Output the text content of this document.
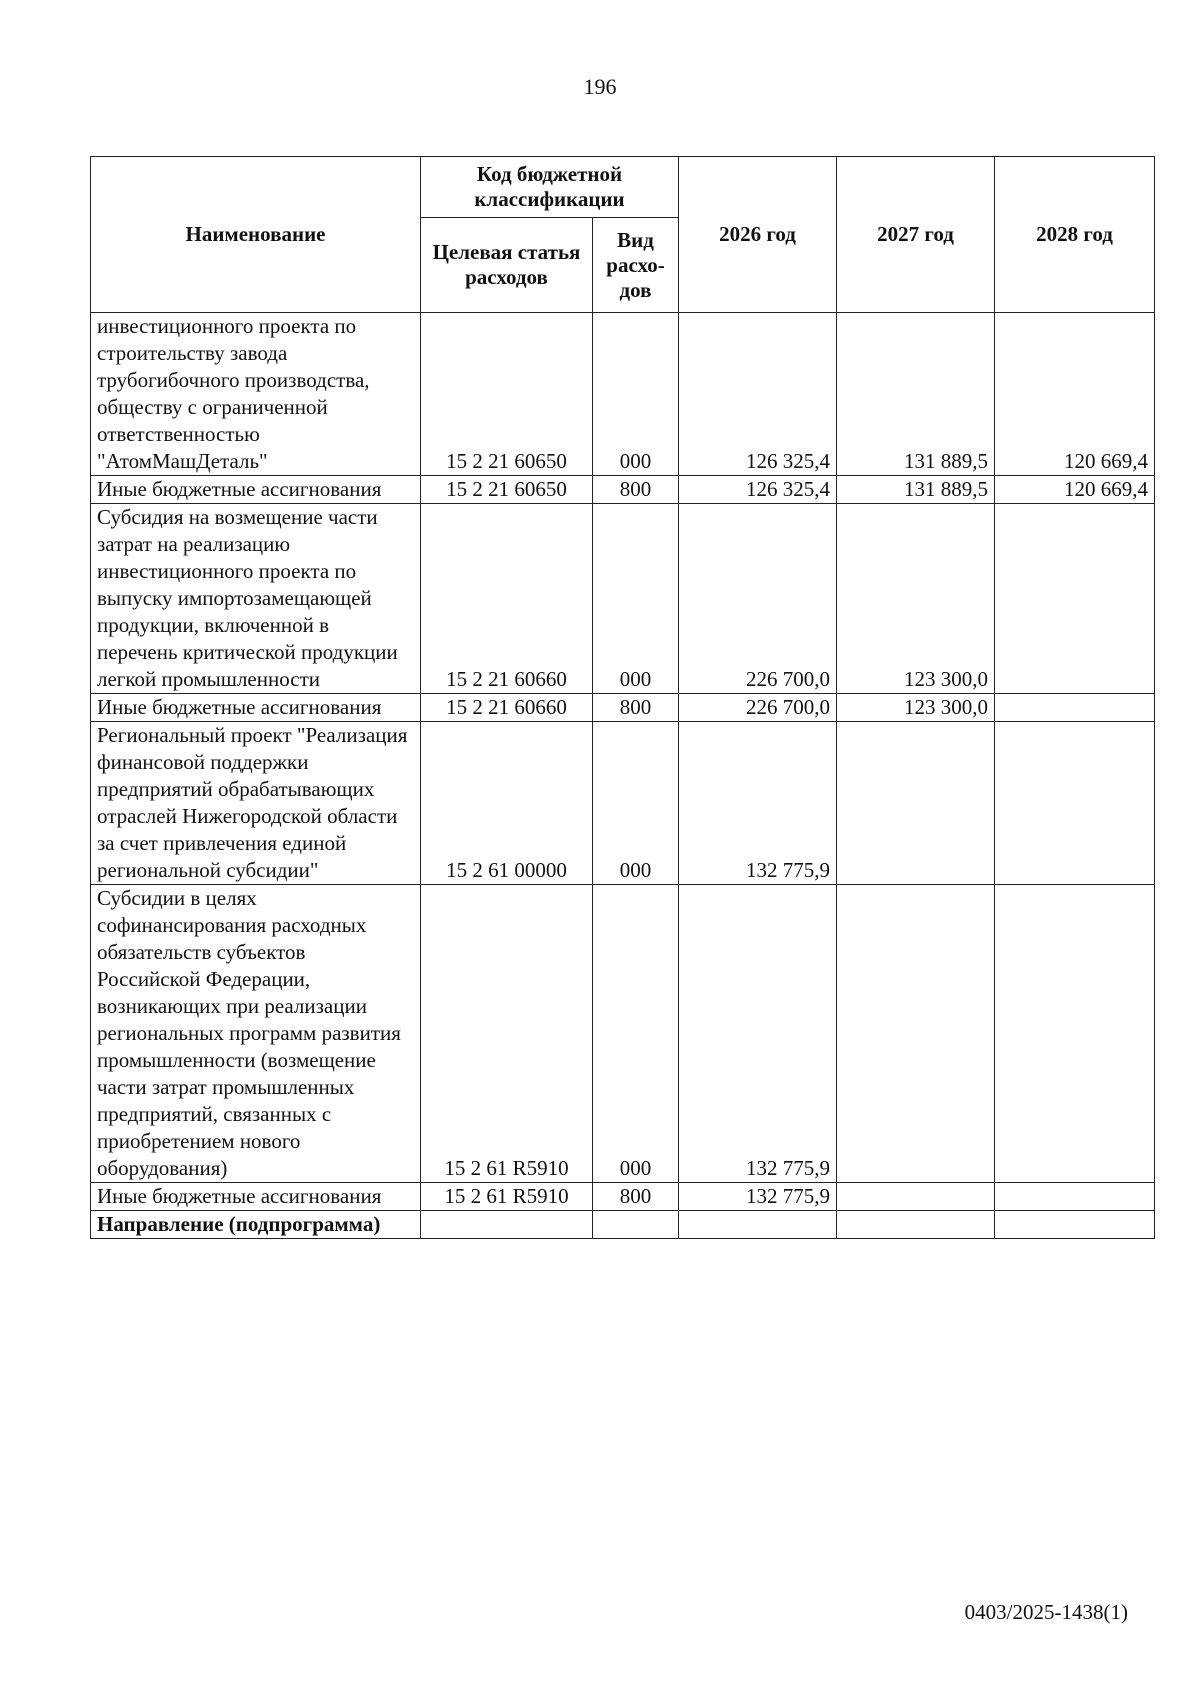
196
Наименование	Код бюджетной классификации		2026 год	2027 год	2028 год
	Целевая статья расходов	Вид расхо-дов			
инвестиционного проекта по строительству завода трубогибочного производства, обществу с ограниченной ответственностью "АтомМашДеталь"	15 2 21 60650	000	126 325,4	131 889,5	120 669,4
Иные бюджетные ассигнования	15 2 21 60650	800	126 325,4	131 889,5	120 669,4
Субсидия на возмещение части затрат на реализацию инвестиционного проекта по выпуску импортозамещающей продукции, включенной в перечень критической продукции легкой промышленности	15 2 21 60660	000	226 700,0	123 300,0	
Иные бюджетные ассигнования	15 2 21 60660	800	226 700,0	123 300,0	
Региональный проект "Реализация финансовой поддержки предприятий обрабатывающих отраслей Нижегородской области за счет привлечения единой региональной субсидии"	15 2 61 00000	000	132 775,9		
Субсидии в целях софинансирования расходных обязательств субъектов Российской Федерации, возникающих при реализации региональных программ развития промышленности (возмещение части затрат промышленных предприятий, связанных с приобретением нового оборудования)	15 2 61 R5910	000	132 775,9		
Иные бюджетные ассигнования	15 2 61 R5910	800	132 775,9		
Направление (подпрограмма)					
0403/2025-1438(1)
